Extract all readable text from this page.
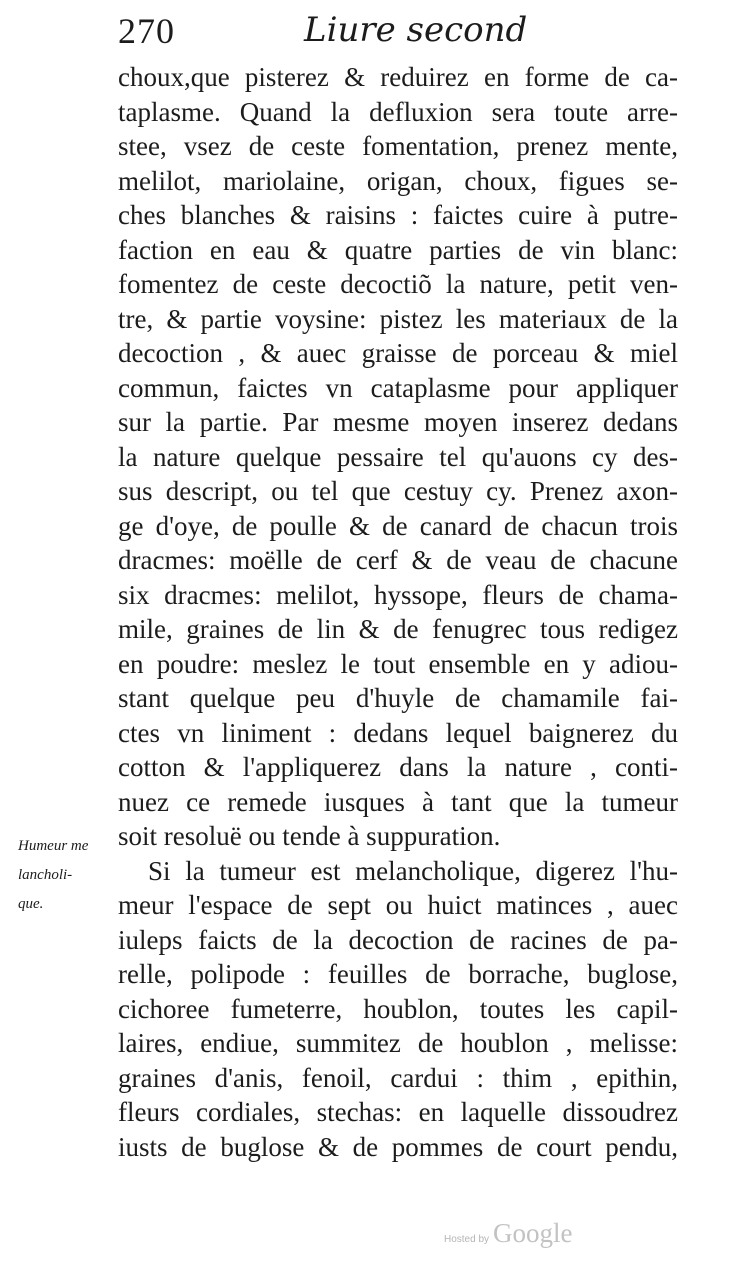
270	Liure second
choux,que pisterez & reduirez en forme de ca-
taplasme. Quand la defluxion sera toute arre-
stee, vsez de ceste fomentation, prenez mente,
melilot, mariolaine, origan, choux, figues se-
ches blanches & raisins : faictes cuire à putre-
faction en eau & quatre parties de vin blanc:
fomentez de ceste decoctiõ la nature, petit ven-
tre, & partie voysine: pistez les materiaux de la
decoction , & auec graisse de porceau & miel
commun, faictes vn cataplasme pour appliquer
sur la partie. Par mesme moyen inserez dedans
la nature quelque pessaire tel qu'auons cy des-
sus descript, ou tel que cestuy cy. Prenez axon-
ge d'oye, de poulle & de canard de chacun trois
dracmes: moëlle de cerf & de veau de chacune
six dracmes: melilot, hyssope, fleurs de chama-
mile, graines de lin & de fenugrec tous redigez
en poudre: meslez le tout ensemble en y adiou-
stant quelque peu d'huyle de chamamile fai-
ctes vn liniment : dedans lequel baignerez du
cotton & l'appliquerez dans la nature , conti-
nuez ce remede iusques à tant que la tumeur
soit resoluë ou tende à suppuration.
Si la tumeur est melancholique, digerez l'hu-
meur l'espace de sept ou huict matinces , auec
iuleps faicts de la decoction de racines de pa-
relle, polipode : feuilles de borrache, buglose,
cichoree fumeterre, houblon, toutes les capil-
laires, endiue, summitez de houblon , melisse:
graines d'anis, fenoil, cardui : thim , epithin,
fleurs cordiales, stechas: en laquelle dissoudrez
iusts de buglose & de pommes de court pendu,
Humeur me
lancholi-
que.
Hosted by Google
